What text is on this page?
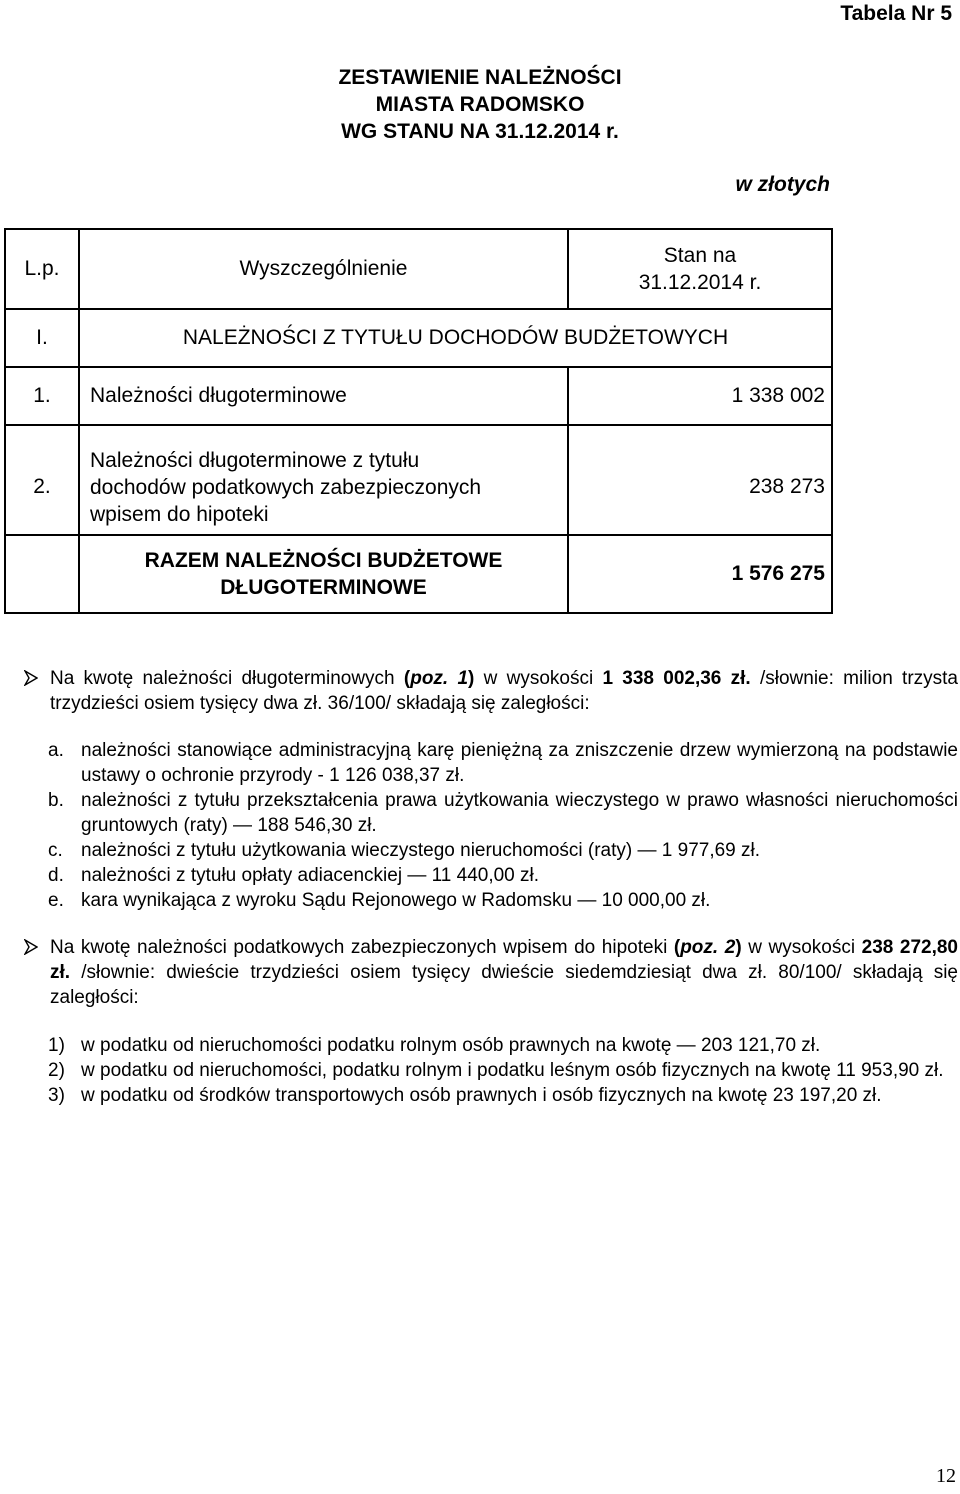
Tabela Nr 5
ZESTAWIENIE NALEŻNOŚCI
MIASTA RADOMSKO
WG STANU NA 31.12.2014 r.
w złotych
L.p.	Wyszczególnienie	Stan na
31.12.2014 r.

I.	NALEŻNOŚCI Z TYTUŁU DOCHODÓW BUDŻETOWYCH	
1.	Należności długoterminowe	1 338 002
2.	Należności długoterminowe z tytułu
dochodów podatkowych zabezpieczonych
wpisem do hipoteki	238 273

	RAZEM NALEŻNOŚCI BUDŻETOWE
DŁUGOTERMINOWE	1 576 275
Na kwotę należności długoterminowych (poz. 1) w wysokości 1 338 002,36 zł. /słownie: milion trzysta trzydzieści osiem tysięcy dwa zł. 36/100/ składają się zaległości:
a. należności stanowiące administracyjną karę pieniężną za zniszczenie drzew wymierzoną na podstawie ustawy o ochronie przyrody - 1 126 038,37 zł.
b. należności z tytułu przekształcenia prawa użytkowania wieczystego w prawo własności nieruchomości gruntowych (raty) — 188 546,30 zł.
c. należności z tytułu użytkowania wieczystego nieruchomości (raty) — 1 977,69 zł.
d. należności z tytułu opłaty adiacenckiej — 11 440,00 zł.
e. kara wynikająca z wyroku Sądu Rejonowego w Radomsku — 10 000,00 zł.
Na kwotę należności podatkowych zabezpieczonych wpisem do hipoteki (poz. 2) w wysokości 238 272,80 zł. /słownie: dwieście trzydzieści osiem tysięcy dwieście siedemdziesiąt dwa zł. 80/100/ składają się zaległości:
1) w podatku od nieruchomości podatku rolnym osób prawnych na kwotę — 203 121,70 zł.
2) w podatku od nieruchomości, podatku rolnym i podatku leśnym osób fizycznych na kwotę 11 953,90 zł.
3) w podatku od środków transportowych osób prawnych i osób fizycznych na kwotę 23 197,20 zł.
12
